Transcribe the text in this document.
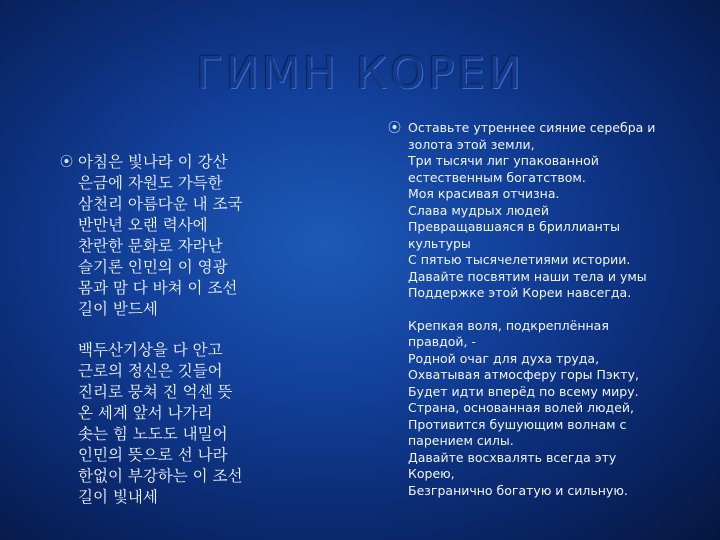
ГИМН КОРЕИ
⦿ 아침은 빛나라 이 강산

은금에 자원도 가득한

삼천리 아름다운 내 조국

반만년 오랜 력사에

찬란한 문화로 자라난

슬기론 인민의 이 영광

몸과 맘 다 바쳐 이 조선

길이 받드세

백두산기상을 다 안고

근로의 정신은 깃들어

진리로 뭉쳐 진 억센 뜻

온 세계 앞서 나가리

솟는 힘 노도도 내밀어

인민의 뜻으로 선 나라

한없이 부강하는 이 조선

길이 빛내세

⦿ Оставьте утреннее сияние серебра и

золота этой земли,

Три тысячи лиг упакованной

естественным богатством.

Моя красивая отчизна.

Слава мудрых людей

Превращавшаяся в бриллианты

культуры

С пятью тысячелетиями истории.

Давайте посвятим наши тела и умы

Поддержке этой Кореи навсегда.

Крепкая воля, подкреплённая

правдой, -

Родной очаг для духа труда,

Охватывая атмосферу горы Пэкту,

Будет идти вперёд по всему миру.

Страна, основанная волей людей,

Противится бушующим волнам с

парением силы.

Давайте восхвалять всегда эту

Корею,

Безгранично богатую и сильную.
